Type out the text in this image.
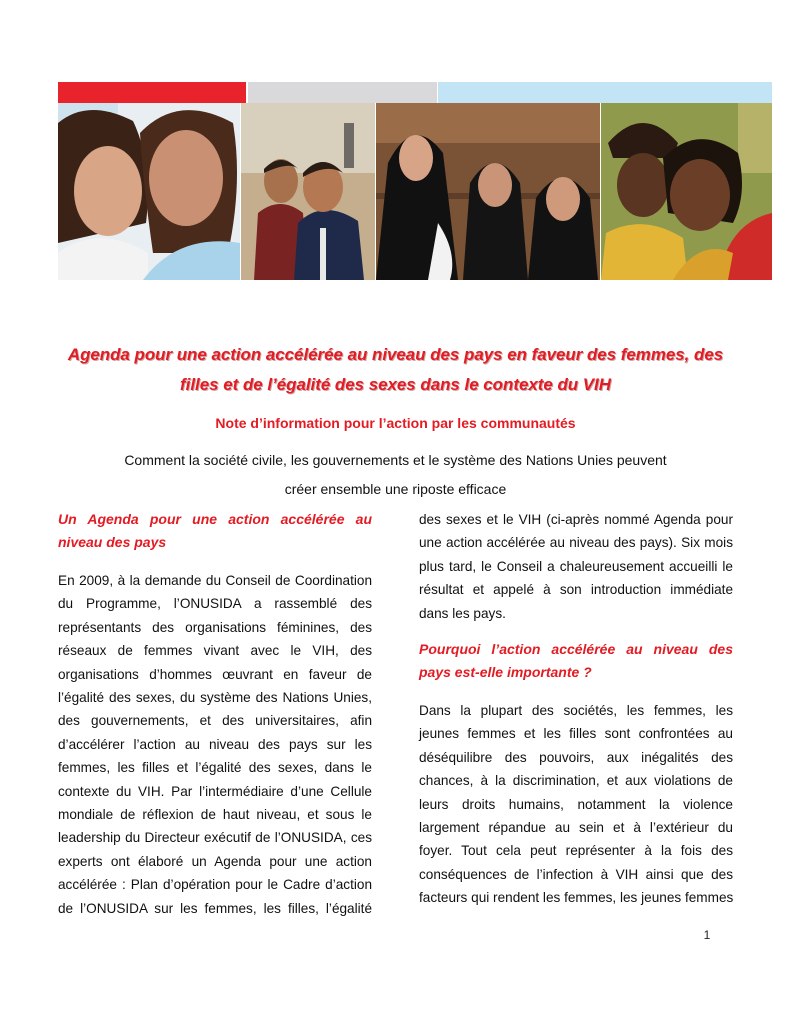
Agenda pour une action accélérée au niveau des pays en faveur des femmes, des
filles et de l’égalité des sexes dans le contexte du VIH
Note d’information pour l’action par les communautés
Comment la société civile, les gouvernements et le système des Nations Unies peuvent
créer ensemble une riposte efficace
Un Agenda pour une action accélérée au
niveau des pays
En 2009, à la demande du Conseil de Coordination
du Programme, l’ONUSIDA a rassemblé des
représentants des organisations féminines, des
réseaux de femmes vivant avec le VIH, des
organisations d’hommes œuvrant en faveur de
l’égalité des sexes, du système des Nations Unies,
des gouvernements, et des universitaires, afin
d’accélérer l’action au niveau des pays sur les
femmes, les filles et l’égalité des sexes, dans le
contexte du VIH. Par l’intermédiaire d’une Cellule
mondiale de réflexion de haut niveau, et sous le
leadership du Directeur exécutif de l’ONUSIDA, ces
experts ont élaboré un Agenda pour une action
accélérée : Plan d’opération pour le Cadre d’action
de l’ONUSIDA sur les femmes, les filles, l’égalité
des sexes et le VIH (ci-après nommé Agenda pour
une action accélérée au niveau des pays). Six mois
plus tard, le Conseil a chaleureusement accueilli le
résultat et appelé à son introduction immédiate
dans les pays.
Pourquoi l’action accélérée au niveau des
pays est-elle importante ?
Dans la plupart des sociétés, les femmes, les
jeunes femmes et les filles sont confrontées au
déséquilibre des pouvoirs, aux inégalités des
chances, à la discrimination, et aux violations de
leurs droits humains, notamment la violence
largement répandue au sein et à l’extérieur du
foyer. Tout cela peut représenter à la fois des
conséquences de l’infection à VIH ainsi que des
facteurs qui rendent les femmes, les jeunes femmes
1
